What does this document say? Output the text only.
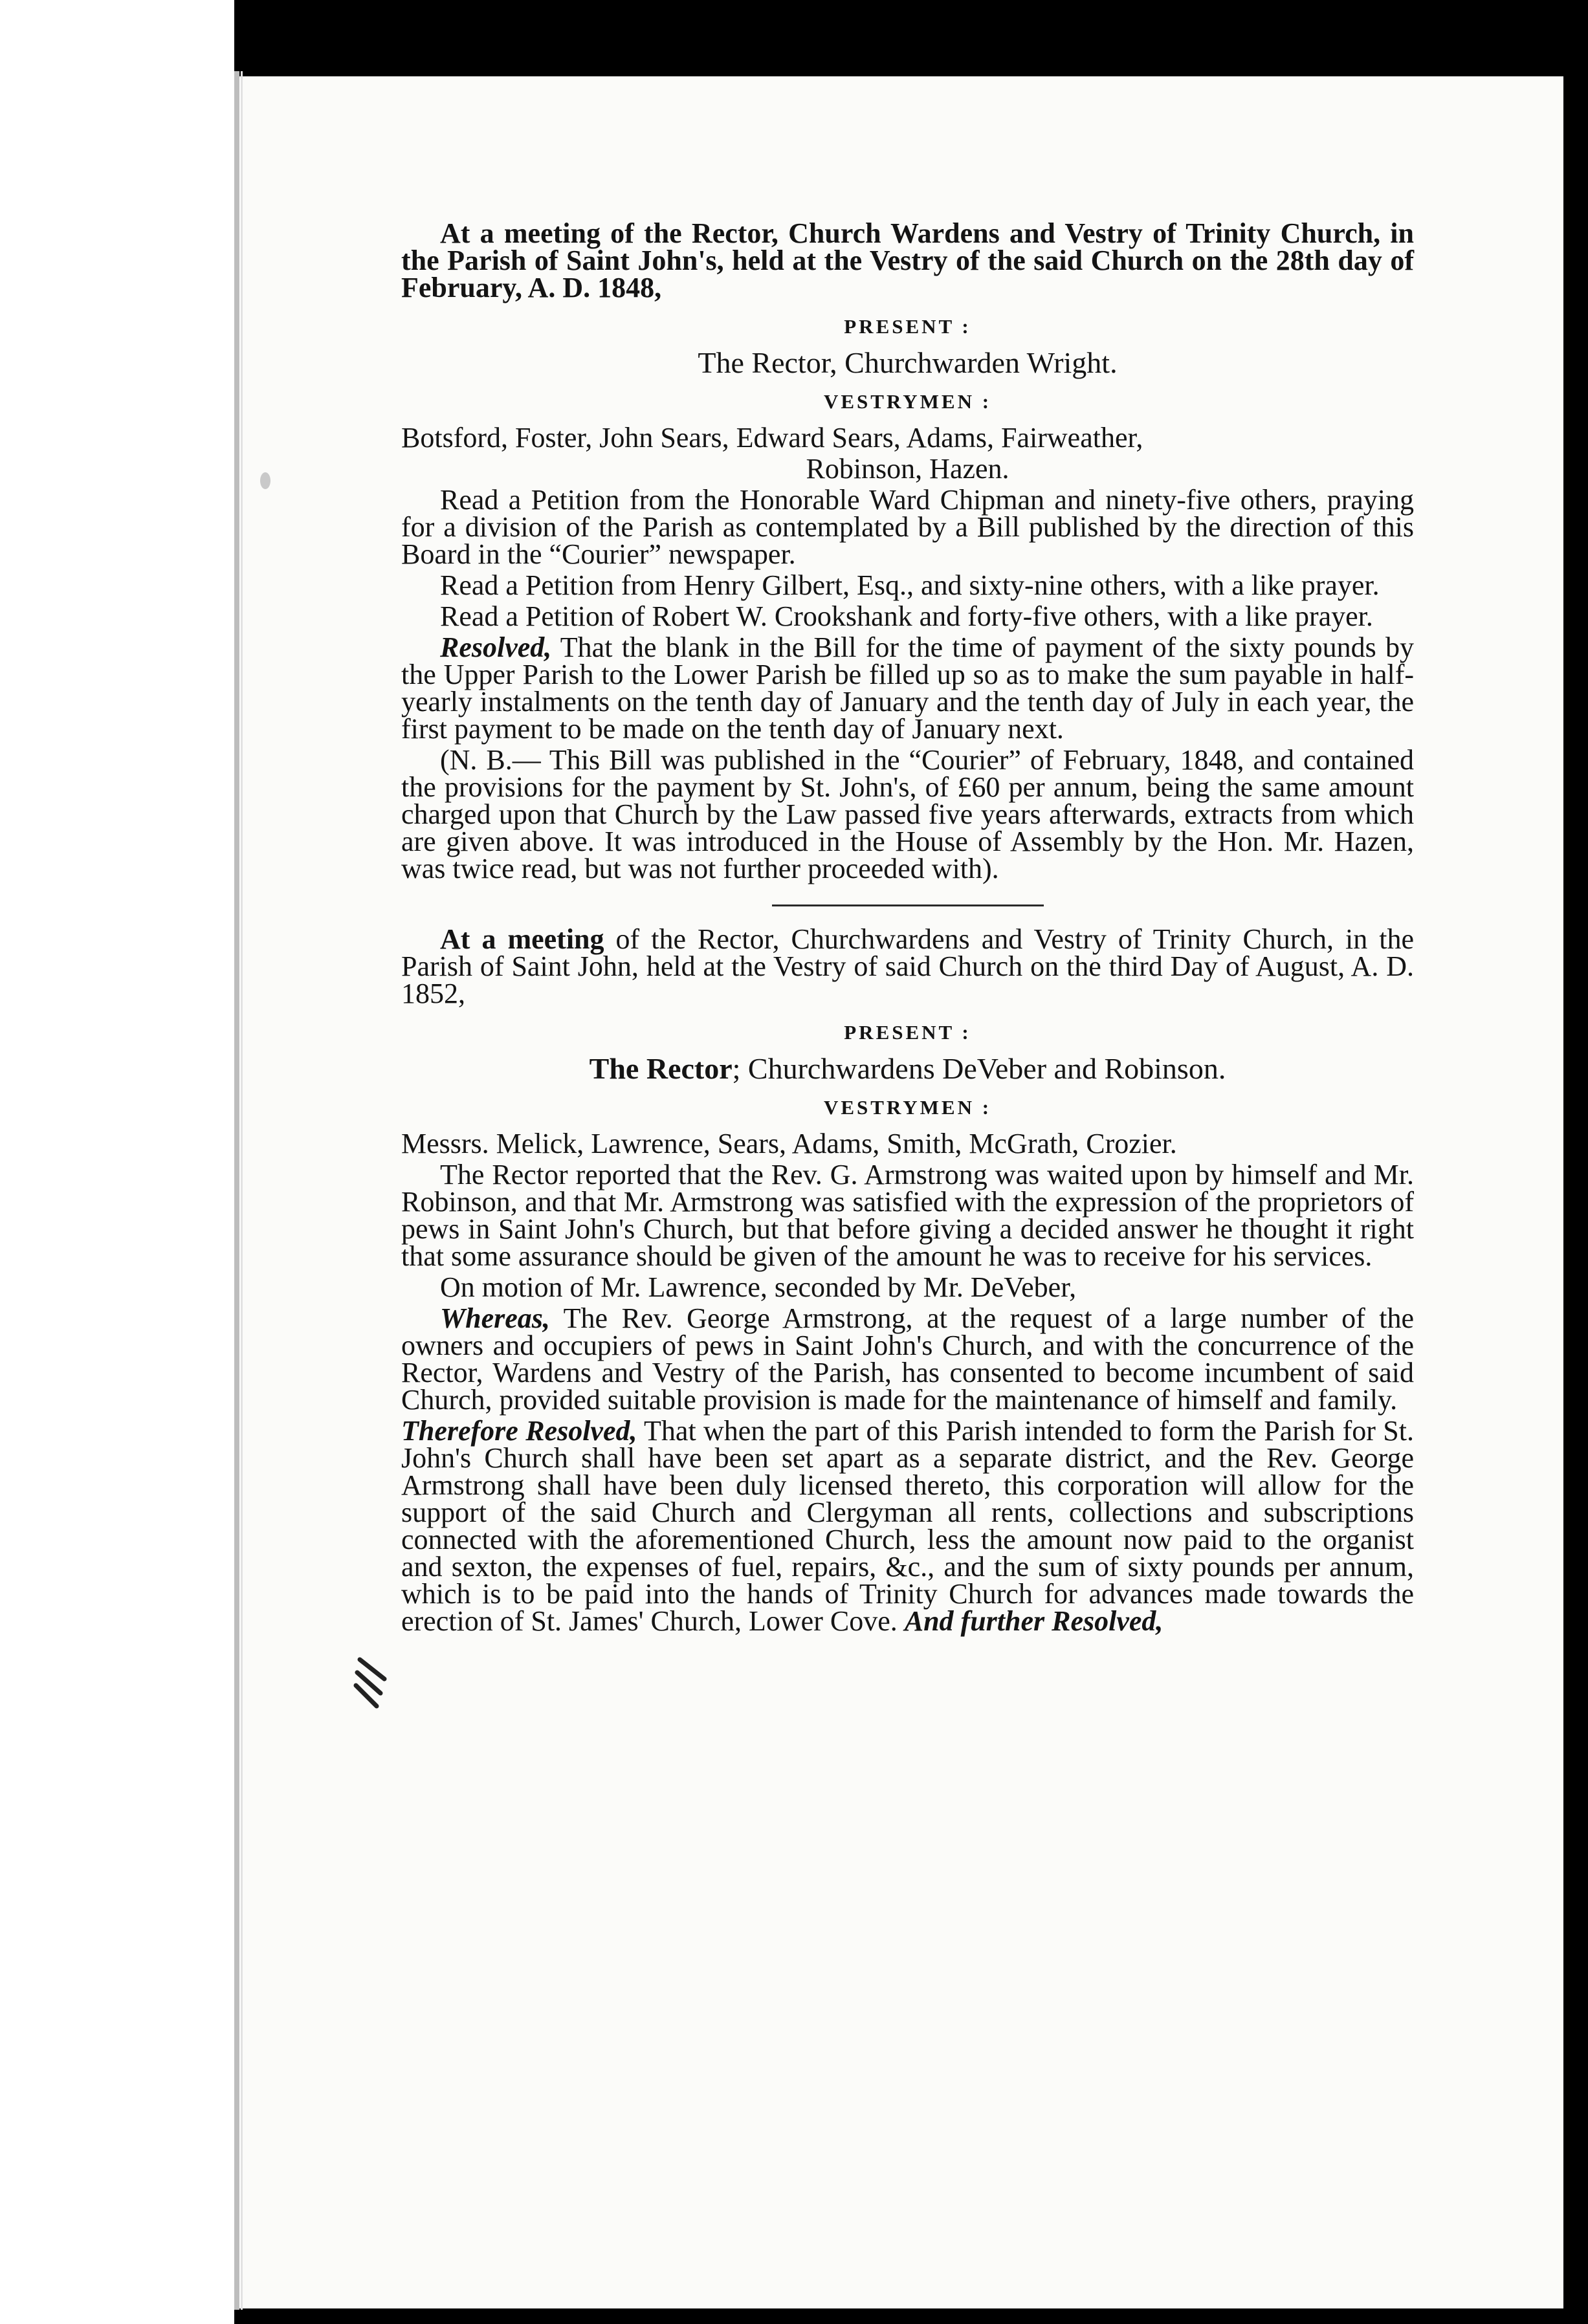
At a meeting of the Rector, Church Wardens and Vestry of Trinity Church, in the Parish of Saint John's, held at the Vestry of the said Church on the 28th day of February, A. D. 1848,

PRESENT :
The Rector, Churchwarden Wright.
VESTRYMEN :

Botsford, Foster, John Sears, Edward Sears, Adams, Fairweather,

Robinson, Hazen.

Read a Petition from the Honorable Ward Chipman and ninety-five others, praying for a division of the Parish as contemplated by a Bill published by the direction of this Board in the “Courier” newspaper.

Read a Petition from Henry Gilbert, Esq., and sixty-nine others, with a like prayer.

Read a Petition of Robert W. Crookshank and forty-five others, with a like prayer.

Resolved, That the blank in the Bill for the time of payment of the sixty pounds by the Upper Parish to the Lower Parish be filled up so as to make the sum payable in half-yearly instalments on the tenth day of January and the tenth day of July in each year, the first payment to be made on the tenth day of January next.

(N. B.— This Bill was published in the “Courier” of February, 1848, and contained the provisions for the payment by St. John's, of £60 per annum, being the same amount charged upon that Church by the Law passed five years afterwards, extracts from which are given above. It was introduced in the House of Assembly by the Hon. Mr. Hazen, was twice read, but was not further proceeded with).

At a meeting of the Rector, Churchwardens and Vestry of Trinity Church, in the Parish of Saint John, held at the Vestry of said Church on the third Day of August, A. D. 1852,

PRESENT :
The Rector; Churchwardens DeVeber and Robinson.
VESTRYMEN :

Messrs. Melick, Lawrence, Sears, Adams, Smith, McGrath, Crozier.

The Rector reported that the Rev. G. Armstrong was waited upon by himself and Mr. Robinson, and that Mr. Armstrong was satisfied with the expression of the proprietors of pews in Saint John's Church, but that before giving a decided answer he thought it right that some assurance should be given of the amount he was to receive for his services.

On motion of Mr. Lawrence, seconded by Mr. DeVeber,

Whereas, The Rev. George Armstrong, at the request of a large number of the owners and occupiers of pews in Saint John's Church, and with the concurrence of the Rector, Wardens and Vestry of the Parish, has consented to become incumbent of said Church, provided suitable provision is made for the maintenance of himself and family.

Therefore Resolved, That when the part of this Parish intended to form the Parish for St. John's Church shall have been set apart as a separate district, and the Rev. George Armstrong shall have been duly licensed thereto, this corporation will allow for the support of the said Church and Clergyman all rents, collections and subscriptions connected with the aforementioned Church, less the amount now paid to the organist and sexton, the expenses of fuel, repairs, &c., and the sum of sixty pounds per annum, which is to be paid into the hands of Trinity Church for advances made towards the erection of St. James' Church, Lower Cove. And further Resolved,
